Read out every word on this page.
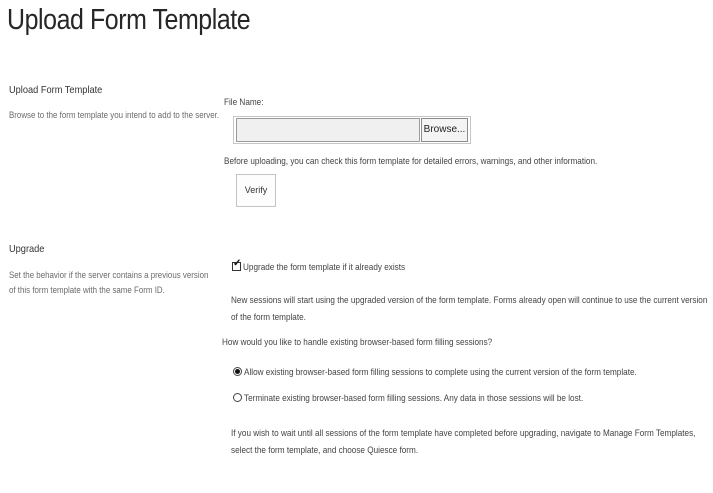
Upload Form Template
Upload Form Template
Browse to the form template you intend to add to the server.
File Name:
Browse...
Before uploading, you can check this form template for detailed errors, warnings, and other information.
Verify
Upgrade
Set the behavior if the server contains a previous version of this form template with the same Form ID.
✓ Upgrade the form template if it already exists
New sessions will start using the upgraded version of the form template. Forms already open will continue to use the current version of the form template.
How would you like to handle existing browser-based form filling sessions?
Allow existing browser-based form filling sessions to complete using the current version of the form template.
Terminate existing browser-based form filling sessions. Any data in those sessions will be lost.
If you wish to wait until all sessions of the form template have completed before upgrading, navigate to Manage Form Templates, select the form template, and choose Quiesce form.
